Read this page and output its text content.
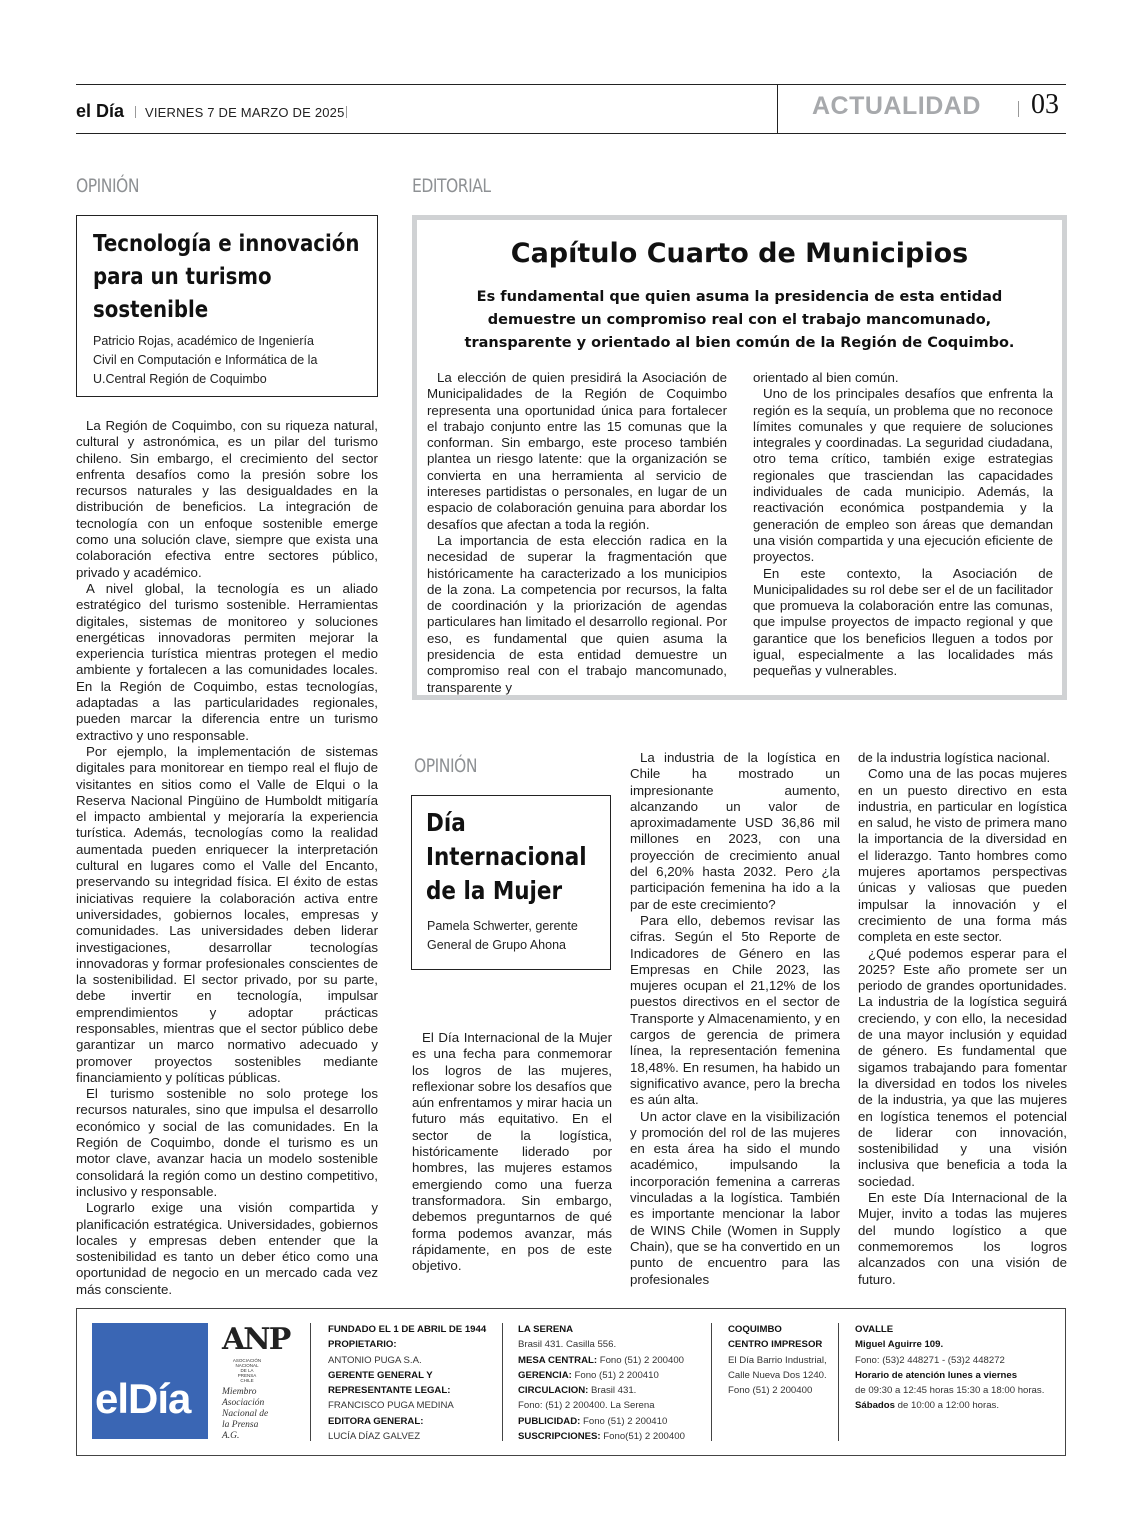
el Día VIERNES 7 DE MARZO DE 2025	ACTUALIDAD 03
OPINIÓN
Tecnología e innovación
para un turismo
sostenible
Patricio Rojas, académico de Ingeniería
Civil en Computación e Informática de la
U.Central Región de Coquimbo

La Región de Coquimbo, con su riqueza natural, cultural y astronómica, es un pilar del turismo chileno. Sin embargo, el crecimiento del sector enfrenta desafíos como la presión sobre los recursos naturales y las desigualdades en la distribución de beneficios. La integración de tecnología con un enfoque sostenible emerge como una solución clave, siempre que exista una colaboración efectiva entre sectores público, privado y académico.

A nivel global, la tecnología es un aliado estratégico del turismo sostenible. Herramientas digitales, sistemas de monitoreo y soluciones energéticas innovadoras permiten mejorar la experiencia turística mientras protegen el medio ambiente y fortalecen a las comunidades locales. En la Región de Coquimbo, estas tecnologías, adaptadas a las particularidades regionales, pueden marcar la diferencia entre un turismo extractivo y uno responsable.

Por ejemplo, la implementación de sistemas digitales para monitorear en tiempo real el flujo de visitantes en sitios como el Valle de Elqui o la Reserva Nacional Pingüino de Humboldt mitigaría el impacto ambiental y mejoraría la experiencia turística. Además, tecnologías como la realidad aumentada pueden enriquecer la interpretación cultural en lugares como el Valle del Encanto, preservando su integridad física. El éxito de estas iniciativas requiere la colaboración activa entre universidades, gobiernos locales, empresas y comunidades. Las universidades deben liderar investigaciones, desarrollar tecnologías innovadoras y formar profesionales conscientes de la sostenibilidad. El sector privado, por su parte, debe invertir en tecnología, impulsar emprendimientos y adoptar prácticas responsables, mientras que el sector público debe garantizar un marco normativo adecuado y promover proyectos sostenibles mediante financiamiento y políticas públicas.

El turismo sostenible no solo protege los recursos naturales, sino que impulsa el desarrollo económico y social de las comunidades. En la Región de Coquimbo, donde el turismo es un motor clave, avanzar hacia un modelo sostenible consolidará la región como un destino competitivo, inclusivo y responsable.

Lograrlo exige una visión compartida y planificación estratégica. Universidades, gobiernos locales y empresas deben entender que la sostenibilidad es tanto un deber ético como una oportunidad de negocio en un mercado cada vez más consciente.

EDITORIAL
Capítulo Cuarto de Municipios
Es fundamental que quien asuma la presidencia de esta entidad demuestre un compromiso real con el trabajo mancomunado, transparente y orientado al bien común de la Región de Coquimbo.

La elección de quien presidirá la Asociación de Municipalidades de la Región de Coquimbo representa una oportunidad única para fortalecer el trabajo conjunto entre las 15 comunas que la conforman. Sin embargo, este proceso también plantea un riesgo latente: que la organización se convierta en una herramienta al servicio de intereses partidistas o personales, en lugar de un espacio de colaboración genuina para abordar los desafíos que afectan a toda la región.

La importancia de esta elección radica en la necesidad de superar la fragmentación que históricamente ha caracterizado a los municipios de la zona. La competencia por recursos, la falta de coordinación y la priorización de agendas particulares han limitado el desarrollo regional. Por eso, es fundamental que quien asuma la presidencia de esta entidad demuestre un compromiso real con el trabajo mancomunado, transparente y

orientado al bien común.

Uno de los principales desafíos que enfrenta la región es la sequía, un problema que no reconoce límites comunales y que requiere de soluciones integrales y coordinadas. La seguridad ciudadana, otro tema crítico, también exige estrategias regionales que trasciendan las capacidades individuales de cada municipio. Además, la reactivación económica postpandemia y la generación de empleo son áreas que demandan una visión compartida y una ejecución eficiente de proyectos.

En este contexto, la Asociación de Municipalidades su rol debe ser el de un facilitador que promueva la colaboración entre las comunas, que impulse proyectos de impacto regional y que garantice que los beneficios lleguen a todos por igual, especialmente a las localidades más pequeñas y vulnerables.

OPINIÓN
Día
Internacional
de la Mujer
Pamela Schwerter, gerente
General de Grupo Ahona

El Día Internacional de la Mujer es una fecha para conmemorar los logros de las mujeres, reflexionar sobre los desafíos que aún enfrentamos y mirar hacia un futuro más equitativo. En el sector de la logística, históricamente liderado por hombres, las mujeres estamos emergiendo como una fuerza transformadora. Sin embargo, debemos preguntarnos de qué forma podemos avanzar, más rápidamente, en pos de este objetivo.

La industria de la logística en Chile ha mostrado un impresionante aumento, alcanzando un valor de aproximadamente USD 36,86 mil millones en 2023, con una proyección de crecimiento anual del 6,20% hasta 2032. Pero ¿la participación femenina ha ido a la par de este crecimiento?

Para ello, debemos revisar las cifras. Según el 5to Reporte de Indicadores de Género en las Empresas en Chile 2023, las mujeres ocupan el 21,12% de los puestos directivos en el sector de Transporte y Almacenamiento, y en cargos de gerencia de primera línea, la representación femenina 18,48%. En resumen, ha habido un significativo avance, pero la brecha es aún alta.

Un actor clave en la visibilización y promoción del rol de las mujeres en esta área ha sido el mundo académico, impulsando la incorporación femenina a carreras vinculadas a la logística. También es importante mencionar la labor de WINS Chile (Women in Supply Chain), que se ha convertido en un punto de encuentro para las profesionales

de la industria logística nacional.

Como una de las pocas mujeres en un puesto directivo en esta industria, en particular en logística en salud, he visto de primera mano la importancia de la diversidad en el liderazgo. Tanto hombres como mujeres aportamos perspectivas únicas y valiosas que pueden impulsar la innovación y el crecimiento de una forma más completa en este sector.

¿Qué podemos esperar para el 2025? Este año promete ser un periodo de grandes oportunidades. La industria de la logística seguirá creciendo, y con ello, la necesidad de una mayor inclusión y equidad de género. Es fundamental que sigamos trabajando para fomentar la diversidad en todos los niveles de la industria, ya que las mujeres en logística tenemos el potencial de liderar con innovación, sostenibilidad y una visión inclusiva que beneficia a toda la sociedad.

En este Día Internacional de la Mujer, invito a todas las mujeres del mundo logístico a que conmemoremos los logros alcanzados con una visión de futuro.

elDía
ANP
ASOCIACIÓN NACIONAL DE LA PRENSA CHILE
Miembro
Asociación
Nacional de
la Prensa
A.G.
FUNDADO EL 1 DE ABRIL DE 1944
PROPIETARIO:
ANTONIO PUGA S.A.
GERENTE GENERAL Y
REPRESENTANTE LEGAL:
FRANCISCO PUGA MEDINA
EDITORA GENERAL:
LUCÍA DÍAZ GALVEZ
LA SERENA
Brasil 431. Casilla 556.
MESA CENTRAL: Fono (51) 2 200400
GERENCIA: Fono (51) 2 200410
CIRCULACION: Brasil 431.
Fono: (51) 2 200400. La Serena
PUBLICIDAD: Fono (51) 2 200410
SUSCRIPCIONES: Fono(51) 2 200400
COQUIMBO
CENTRO IMPRESOR
El Día Barrio Industrial,
Calle Nueva Dos 1240.
Fono (51) 2 200400
OVALLE
Miguel Aguirre 109.
Fono: (53)2 448271 - (53)2 448272
Horario de atención lunes a viernes
de 09:30 a 12:45 horas 15:30 a 18:00 horas.
Sábados de 10:00 a 12:00 horas.
